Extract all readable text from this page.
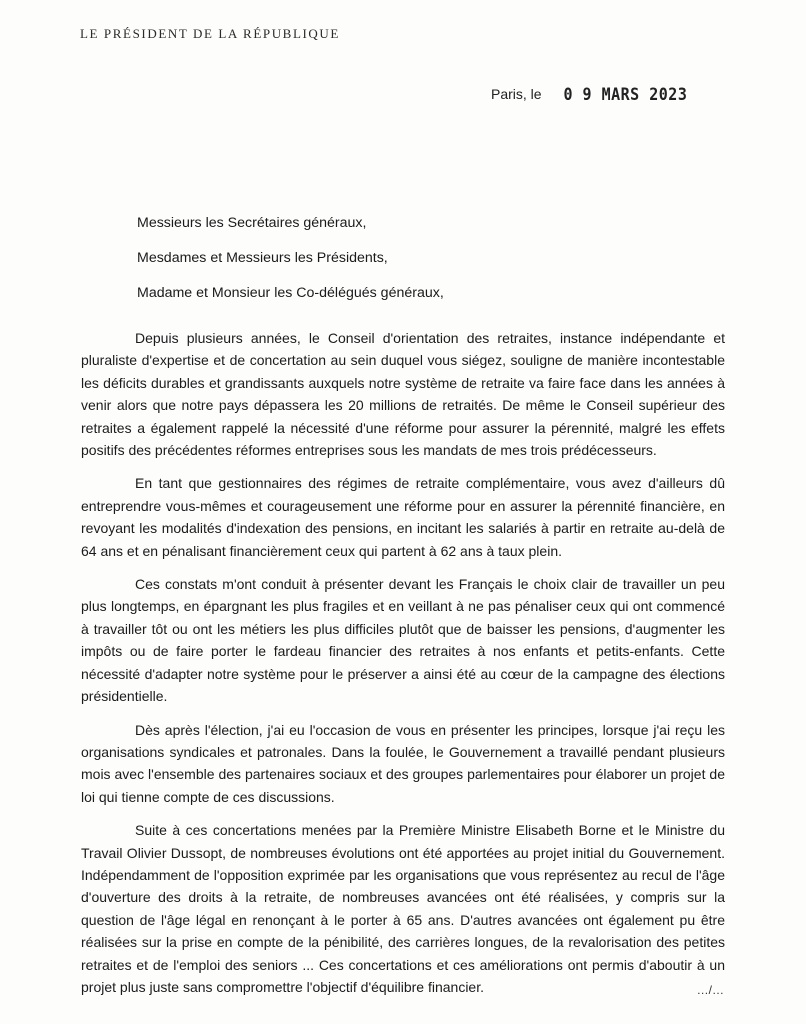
LE PRÉSIDENT DE LA RÉPUBLIQUE
Paris, le 0 9 MARS 2023
Messieurs les Secrétaires généraux,
Mesdames et Messieurs les Présidents,
Madame et Monsieur les Co-délégués généraux,

Depuis plusieurs années, le Conseil d'orientation des retraites, instance indépendante et pluraliste d'expertise et de concertation au sein duquel vous siégez, souligne de manière incontestable les déficits durables et grandissants auxquels notre système de retraite va faire face dans les années à venir alors que notre pays dépassera les 20 millions de retraités. De même le Conseil supérieur des retraites a également rappelé la nécessité d'une réforme pour assurer la pérennité, malgré les effets positifs des précédentes réformes entreprises sous les mandats de mes trois prédécesseurs.

En tant que gestionnaires des régimes de retraite complémentaire, vous avez d'ailleurs dû entreprendre vous-mêmes et courageusement une réforme pour en assurer la pérennité financière, en revoyant les modalités d'indexation des pensions, en incitant les salariés à partir en retraite au-delà de 64 ans et en pénalisant financièrement ceux qui partent à 62 ans à taux plein.

Ces constats m'ont conduit à présenter devant les Français le choix clair de travailler un peu plus longtemps, en épargnant les plus fragiles et en veillant à ne pas pénaliser ceux qui ont commencé à travailler tôt ou ont les métiers les plus difficiles plutôt que de baisser les pensions, d'augmenter les impôts ou de faire porter le fardeau financier des retraites à nos enfants et petits-enfants. Cette nécessité d'adapter notre système pour le préserver a ainsi été au cœur de la campagne des élections présidentielle.

Dès après l'élection, j'ai eu l'occasion de vous en présenter les principes, lorsque j'ai reçu les organisations syndicales et patronales. Dans la foulée, le Gouvernement a travaillé pendant plusieurs mois avec l'ensemble des partenaires sociaux et des groupes parlementaires pour élaborer un projet de loi qui tienne compte de ces discussions.

Suite à ces concertations menées par la Première Ministre Elisabeth Borne et le Ministre du Travail Olivier Dussopt, de nombreuses évolutions ont été apportées au projet initial du Gouvernement. Indépendamment de l'opposition exprimée par les organisations que vous représentez au recul de l'âge d'ouverture des droits à la retraite, de nombreuses avancées ont été réalisées, y compris sur la question de l'âge légal en renonçant à le porter à 65 ans. D'autres avancées ont également pu être réalisées sur la prise en compte de la pénibilité, des carrières longues, de la revalorisation des petites retraites et de l'emploi des seniors ... Ces concertations et ces améliorations ont permis d'aboutir à un projet plus juste sans compromettre l'objectif d'équilibre financier.	…/…
